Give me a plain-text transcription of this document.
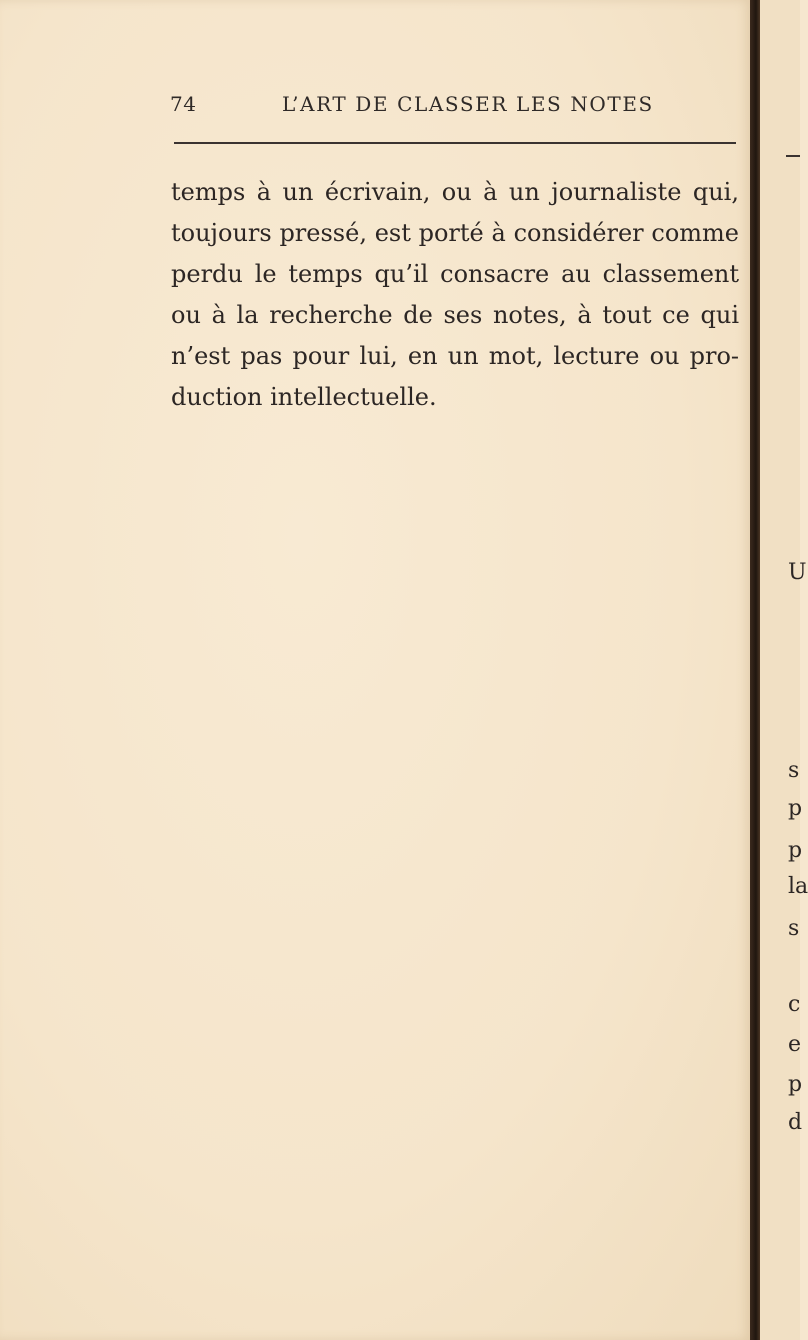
74	L’ART DE CLASSER LES NOTES

temps à un écrivain, ou à un journaliste qui,
toujours pressé, est porté à considérer comme
perdu le temps qu’il consacre au classement
ou à la recherche de ses notes, à tout ce qui
n’est pas pour lui, en un mot, lecture ou pro-
duction intellectuelle.

U
s
p
p
la
s
c
e
p
d
